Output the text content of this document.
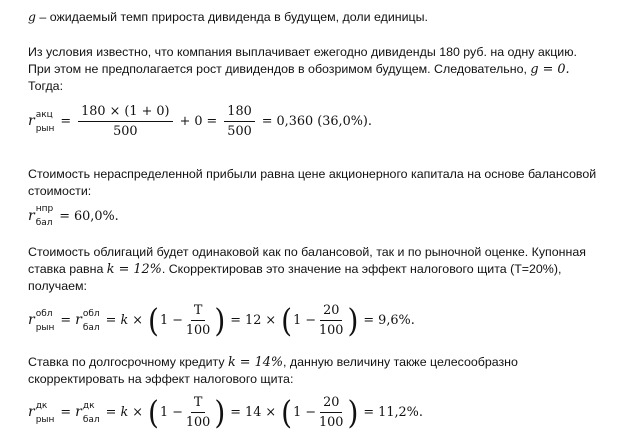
g – ожидаемый темп прироста дивиденда в будущем, доли единицы.
Из условия известно, что компания выплачивает ежегодно дивиденды 180 руб. на одну акцию.
При этом не предполагается рост дивидендов в обозримом будущем. Следовательно, g = 0.
Тогда:
r акц
рын = $\frac{180 \times (1 + 0)}{500} + 0 = \frac{180}{500} = 0,360$ (36,0%).
Стоимость нераспределенной прибыли равна цене акционерного капитала на основе балансовой
стоимости:
r нпр
бал = 60,0%.
Стоимость облигаций будет одинаковой как по балансовой, так и по рыночной оценке. Купонная
ставка равна k = 12%. Скорректировав это значение на эффект налогового щита (Т=20%),
получаем:
r обл
рын = r обл
бал = k × ( $1 - \frac{Т}{100}$ ) = 12 × ( $1 - \frac{20}{100}$ ) = 9,6%.
Ставка по долгосрочному кредиту k = 14%, данную величину также целесообразно
скорректировать на эффект налогового щита:
r дк
рын = r дк
бал = k × ( $1 - \frac{Т}{100}$ ) = 14 × ( $1 - \frac{20}{100}$ ) = 11,2%.
